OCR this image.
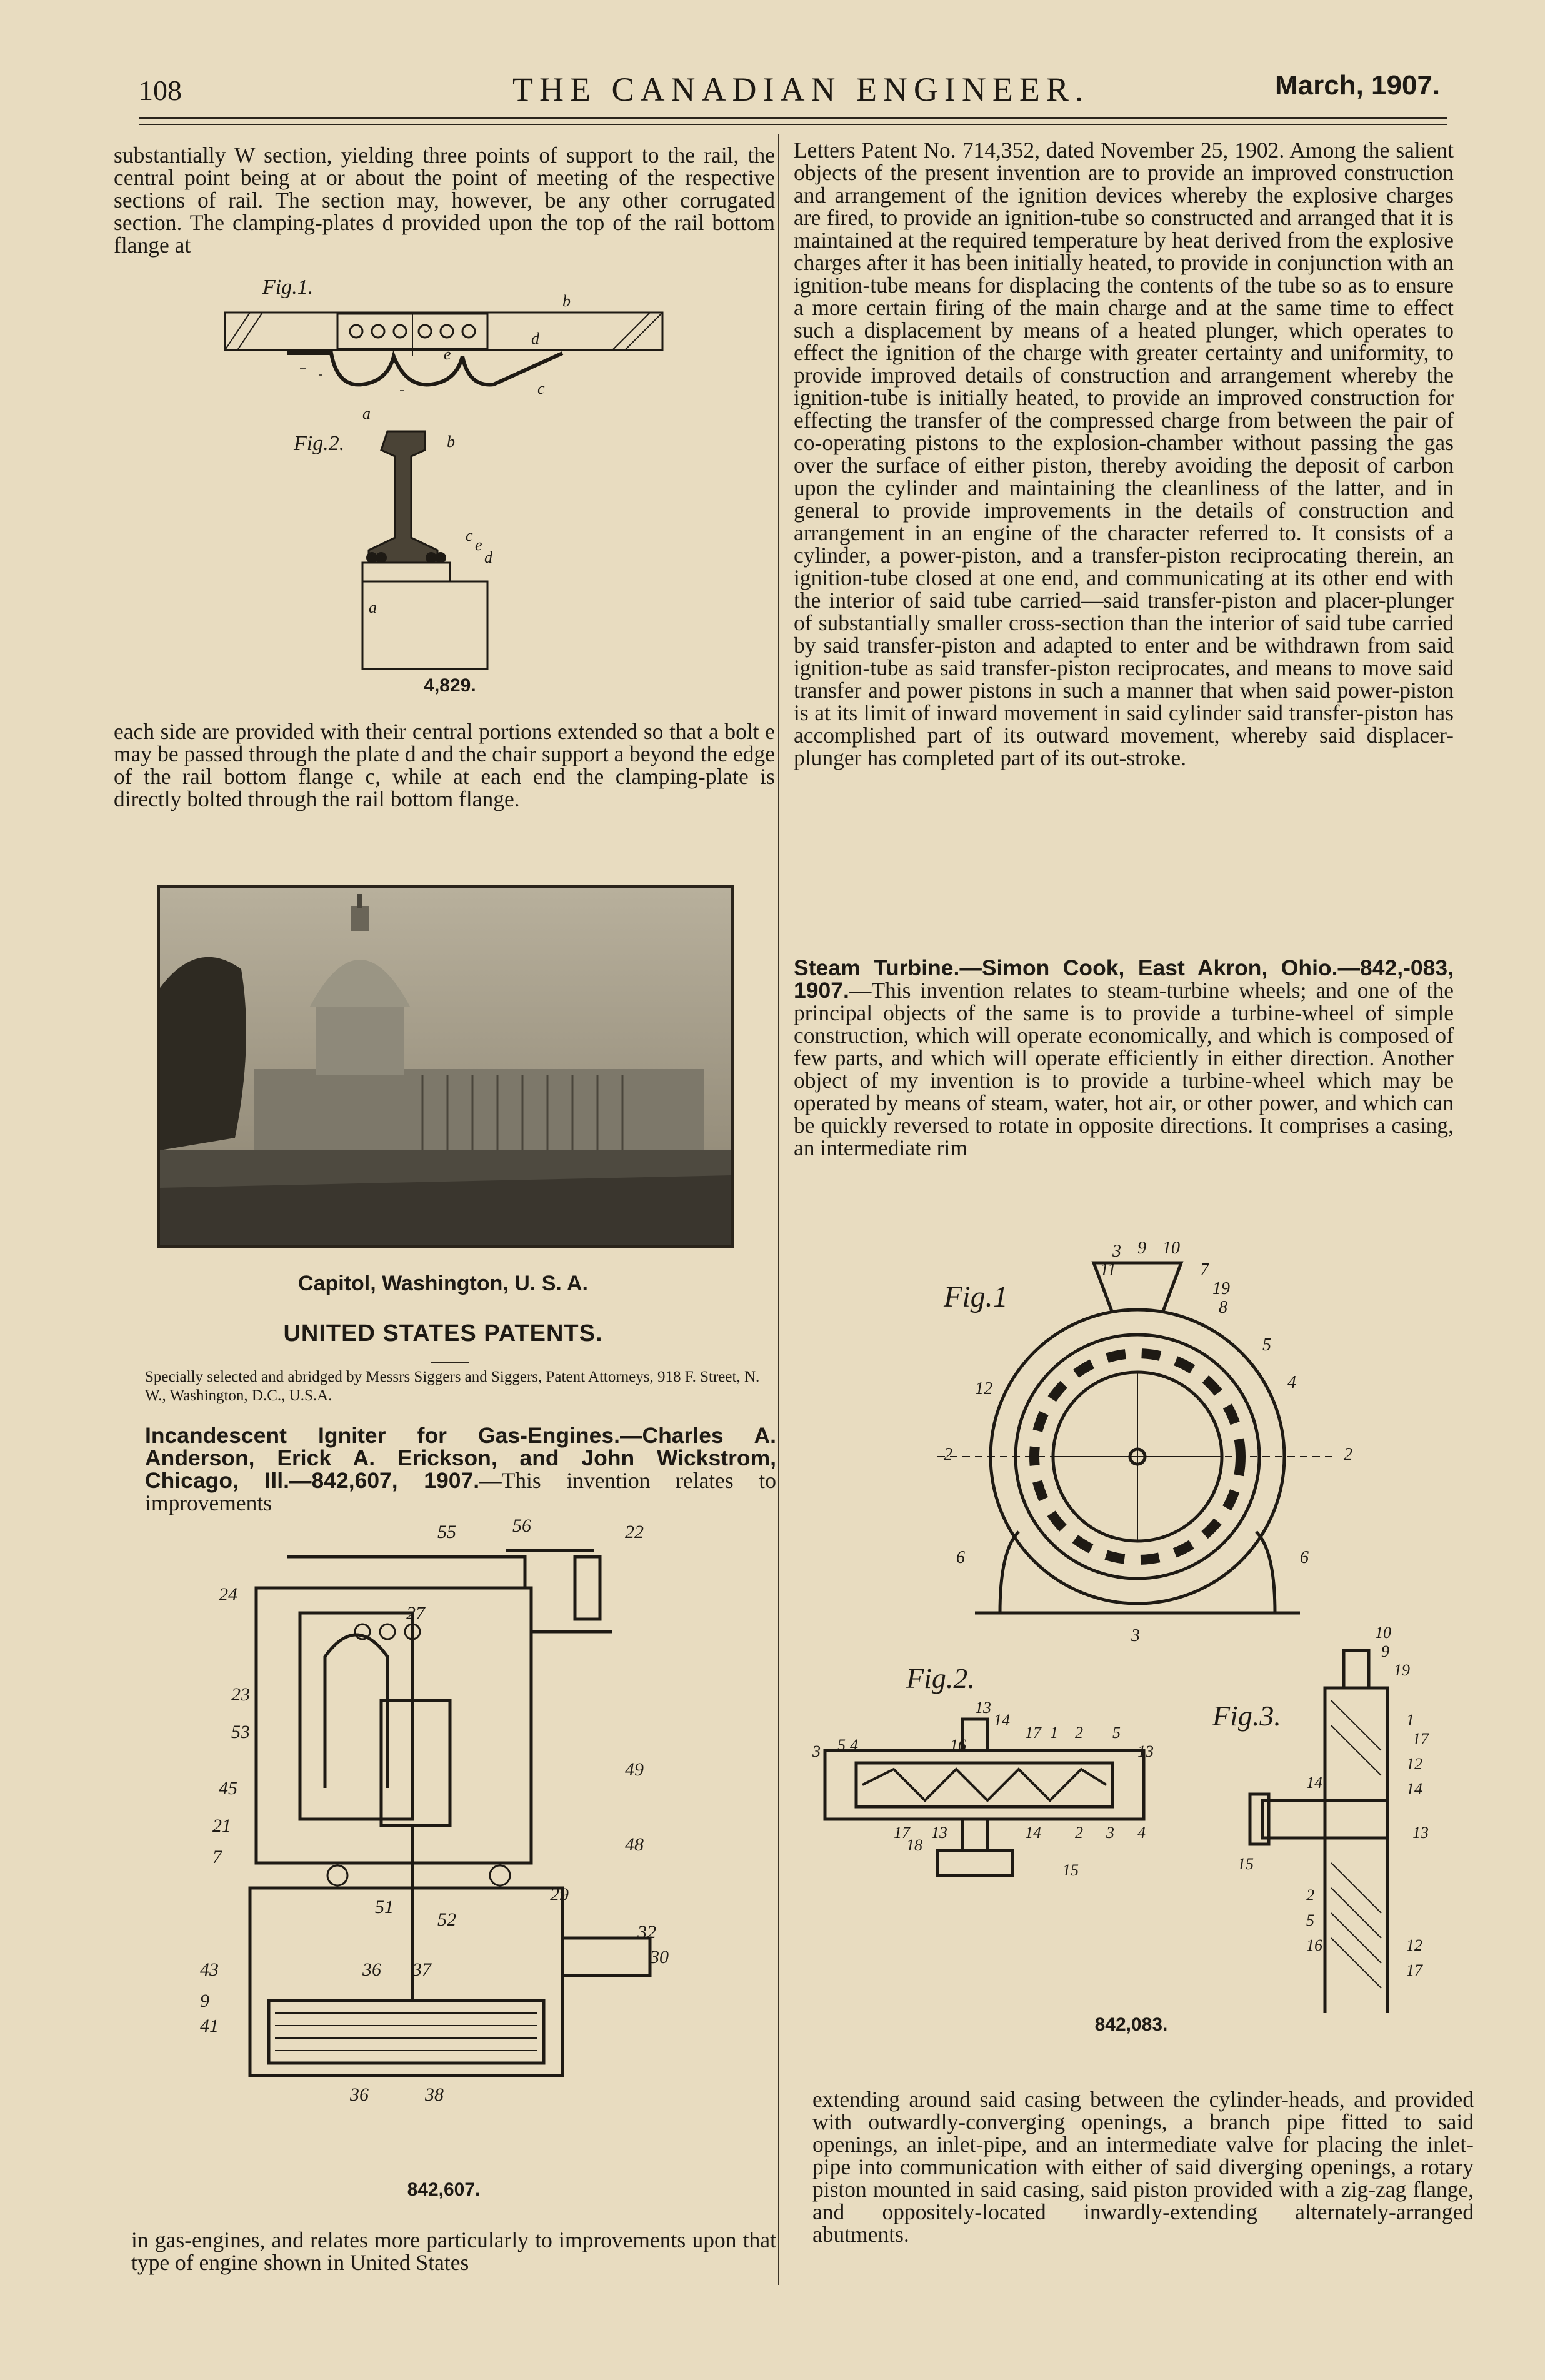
108	THE CANADIAN ENGINEER.	March, 1907.

substantially W section, yielding three points of support to the rail, the central point being at or about the point of meeting of the respective sections of rail. The section may, however, be any other corrugated section. The clamping-plates d provided upon the top of the rail bottom flange at

Fig.1.
a
e
d
c
b
Fig.2.
a
b
c
e
d
4,829.

each side are provided with their central portions extended so that a bolt e may be passed through the plate d and the chair support a beyond the edge of the rail bottom flange c, while at each end the clamping-plate is directly bolted through the rail bottom flange.

Capitol, Washington, U. S. A.
UNITED STATES PATENTS.

Specially selected and abridged by Messrs Siggers and Siggers, Patent Attorneys, 918 F. Street, N. W., Washington, D.C., U.S.A.

Incandescent Igniter for Gas-Engines.—Charles A. Anderson, Erick A. Erickson, and John Wickstrom, Chicago, Ill.—842,607, 1907.—This invention relates to improvements

55	56	22
24
27
23
53
45
21
7
49
48
29
32
30
43
9
41
51
52
36 37
36	38
842,607.

in gas-engines, and relates more particularly to improvements upon that type of engine shown in United States

Letters Patent No. 714,352, dated November 25, 1902. Among the salient objects of the present invention are to provide an improved construction and arrangement of the ignition devices whereby the explosive charges are fired, to provide an ignition-tube so constructed and arranged that it is maintained at the required temperature by heat derived from the explosive charges after it has been initially heated, to provide in conjunction with an ignition-tube means for displacing the contents of the tube so as to ensure a more certain firing of the main charge and at the same time to effect such a displacement by means of a heated plunger, which operates to effect the ignition of the charge with greater certainty and uniformity, to provide improved details of construction and arrangement whereby the ignition-tube is initially heated, to provide an improved construction for effecting the transfer of the compressed charge from between the pair of co-operating pistons to the explosion-chamber without passing the gas over the surface of either piston, thereby avoiding the deposit of carbon upon the cylinder and maintaining the cleanliness of the latter, and in general to provide improvements in the details of construction and arrangement in an engine of the character referred to. It consists of a cylinder, a power-piston, and a transfer-piston reciprocating therein, an ignition-tube closed at one end, and communicating at its other end with the interior of said tube carried—said transfer-piston and placer-plunger of substantially smaller cross-section than the interior of said tube carried by said transfer-piston and adapted to enter and be withdrawn from said ignition-tube as said transfer-piston reciprocates, and means to move said transfer and power pistons in such a manner that when said power-piston is at its limit of inward movement in said cylinder said transfer-piston has accomplished part of its outward movement, whereby said displacer-plunger has completed part of its out-stroke.

Steam Turbine.—Simon Cook, East Akron, Ohio.—842,-083, 1907.—This invention relates to steam-turbine wheels; and one of the principal objects of the same is to provide a turbine-wheel of simple construction, which will operate economically, and which is composed of few parts, and which will operate efficiently in either direction. Another object of my invention is to provide a turbine-wheel which may be operated by means of steam, water, hot air, or other power, and which can be quickly reversed to rotate in opposite directions. It comprises a casing, an intermediate rim

Fig.1
3 9 10
11	7
19
8
5
4
12
2	2
6	6
3
Fig.2.
3 5 4	16
13
14
17 1 2 5
13
17
18
13	14 2 3 4
15
Fig.3.
10
9
19
1
17
12
14
13
14
15
2
5
16	12
17
842,083.

extending around said casing between the cylinder-heads, and provided with outwardly-converging openings, a branch pipe fitted to said openings, an inlet-pipe, and an intermediate valve for placing the inlet-pipe into communication with either of said diverging openings, a rotary piston mounted in said casing, said piston provided with a zig-zag flange, and oppositely-located inwardly-extending alternately-arranged abutments.
